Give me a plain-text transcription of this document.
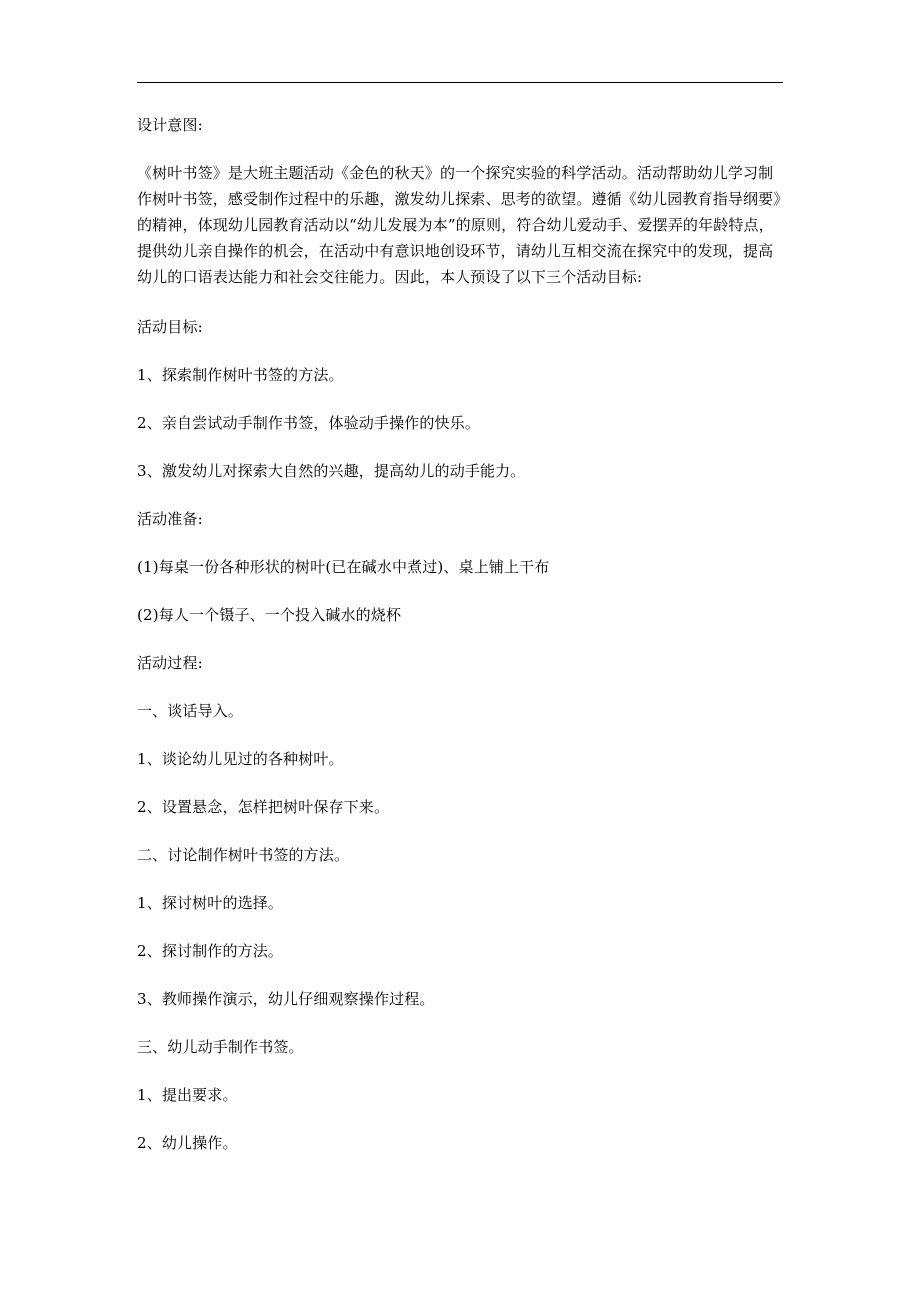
设计意图:

《树叶书签》是大班主题活动《金色的秋天》的一个探究实验的科学活动。活动帮助幼儿学习制作树叶书签，感受制作过程中的乐趣，激发幼儿探索、思考的欲望。遵循《幼儿园教育指导纲要》的精神，体现幼儿园教育活动以“幼儿发展为本”的原则，符合幼儿爱动手、爱摆弄的年龄特点，提供幼儿亲自操作的机会，在活动中有意识地创设环节，请幼儿互相交流在探究中的发现，提高幼儿的口语表达能力和社会交往能力。因此，本人预设了以下三个活动目标:

活动目标:

1、探索制作树叶书签的方法。

2、亲自尝试动手制作书签，体验动手操作的快乐。

3、激发幼儿对探索大自然的兴趣，提高幼儿的动手能力。

活动准备:

(1)每桌一份各种形状的树叶(已在碱水中煮过)、桌上铺上干布

(2)每人一个镊子、一个投入碱水的烧杯

活动过程:

一、谈话导入。

1、谈论幼儿见过的各种树叶。

2、设置悬念，怎样把树叶保存下来。

二、讨论制作树叶书签的方法。

1、探讨树叶的选择。

2、探讨制作的方法。

3、教师操作演示，幼儿仔细观察操作过程。

三、幼儿动手制作书签。

1、提出要求。

2、幼儿操作。
